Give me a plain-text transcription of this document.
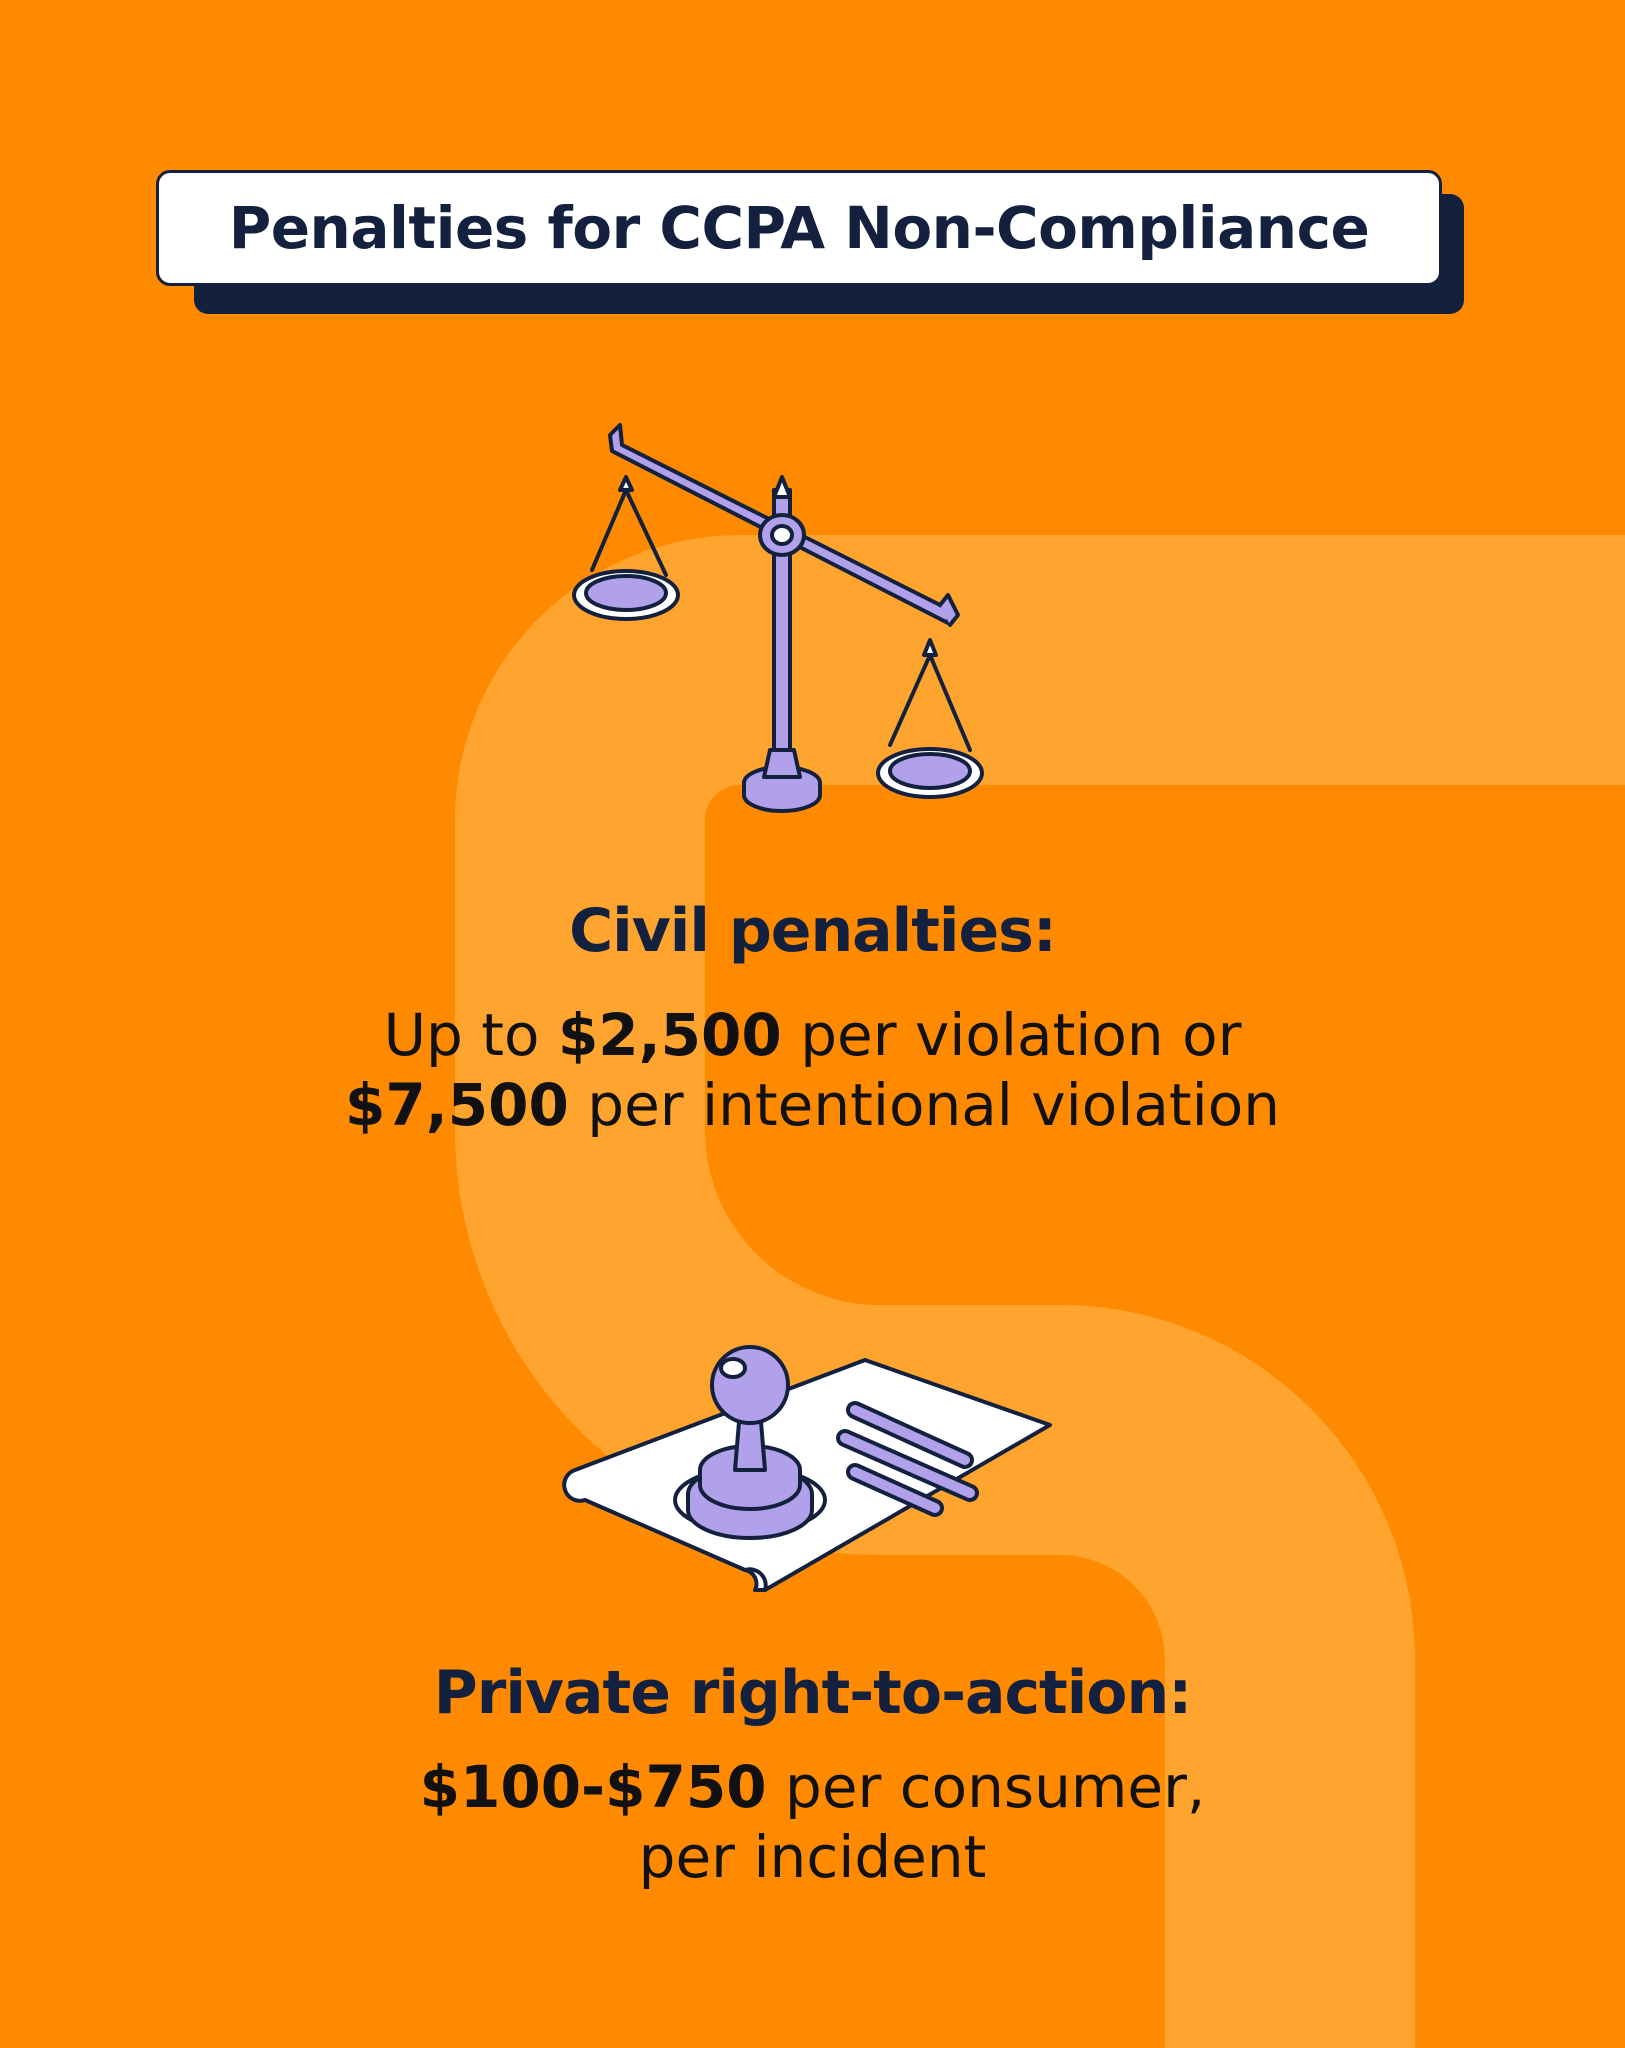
Penalties for CCPA Non-Compliance
Civil penalties:
Up to $2,500 per violation or
$7,500 per intentional violation
Private right-to-action:
$100-$750 per consumer,
per incident
